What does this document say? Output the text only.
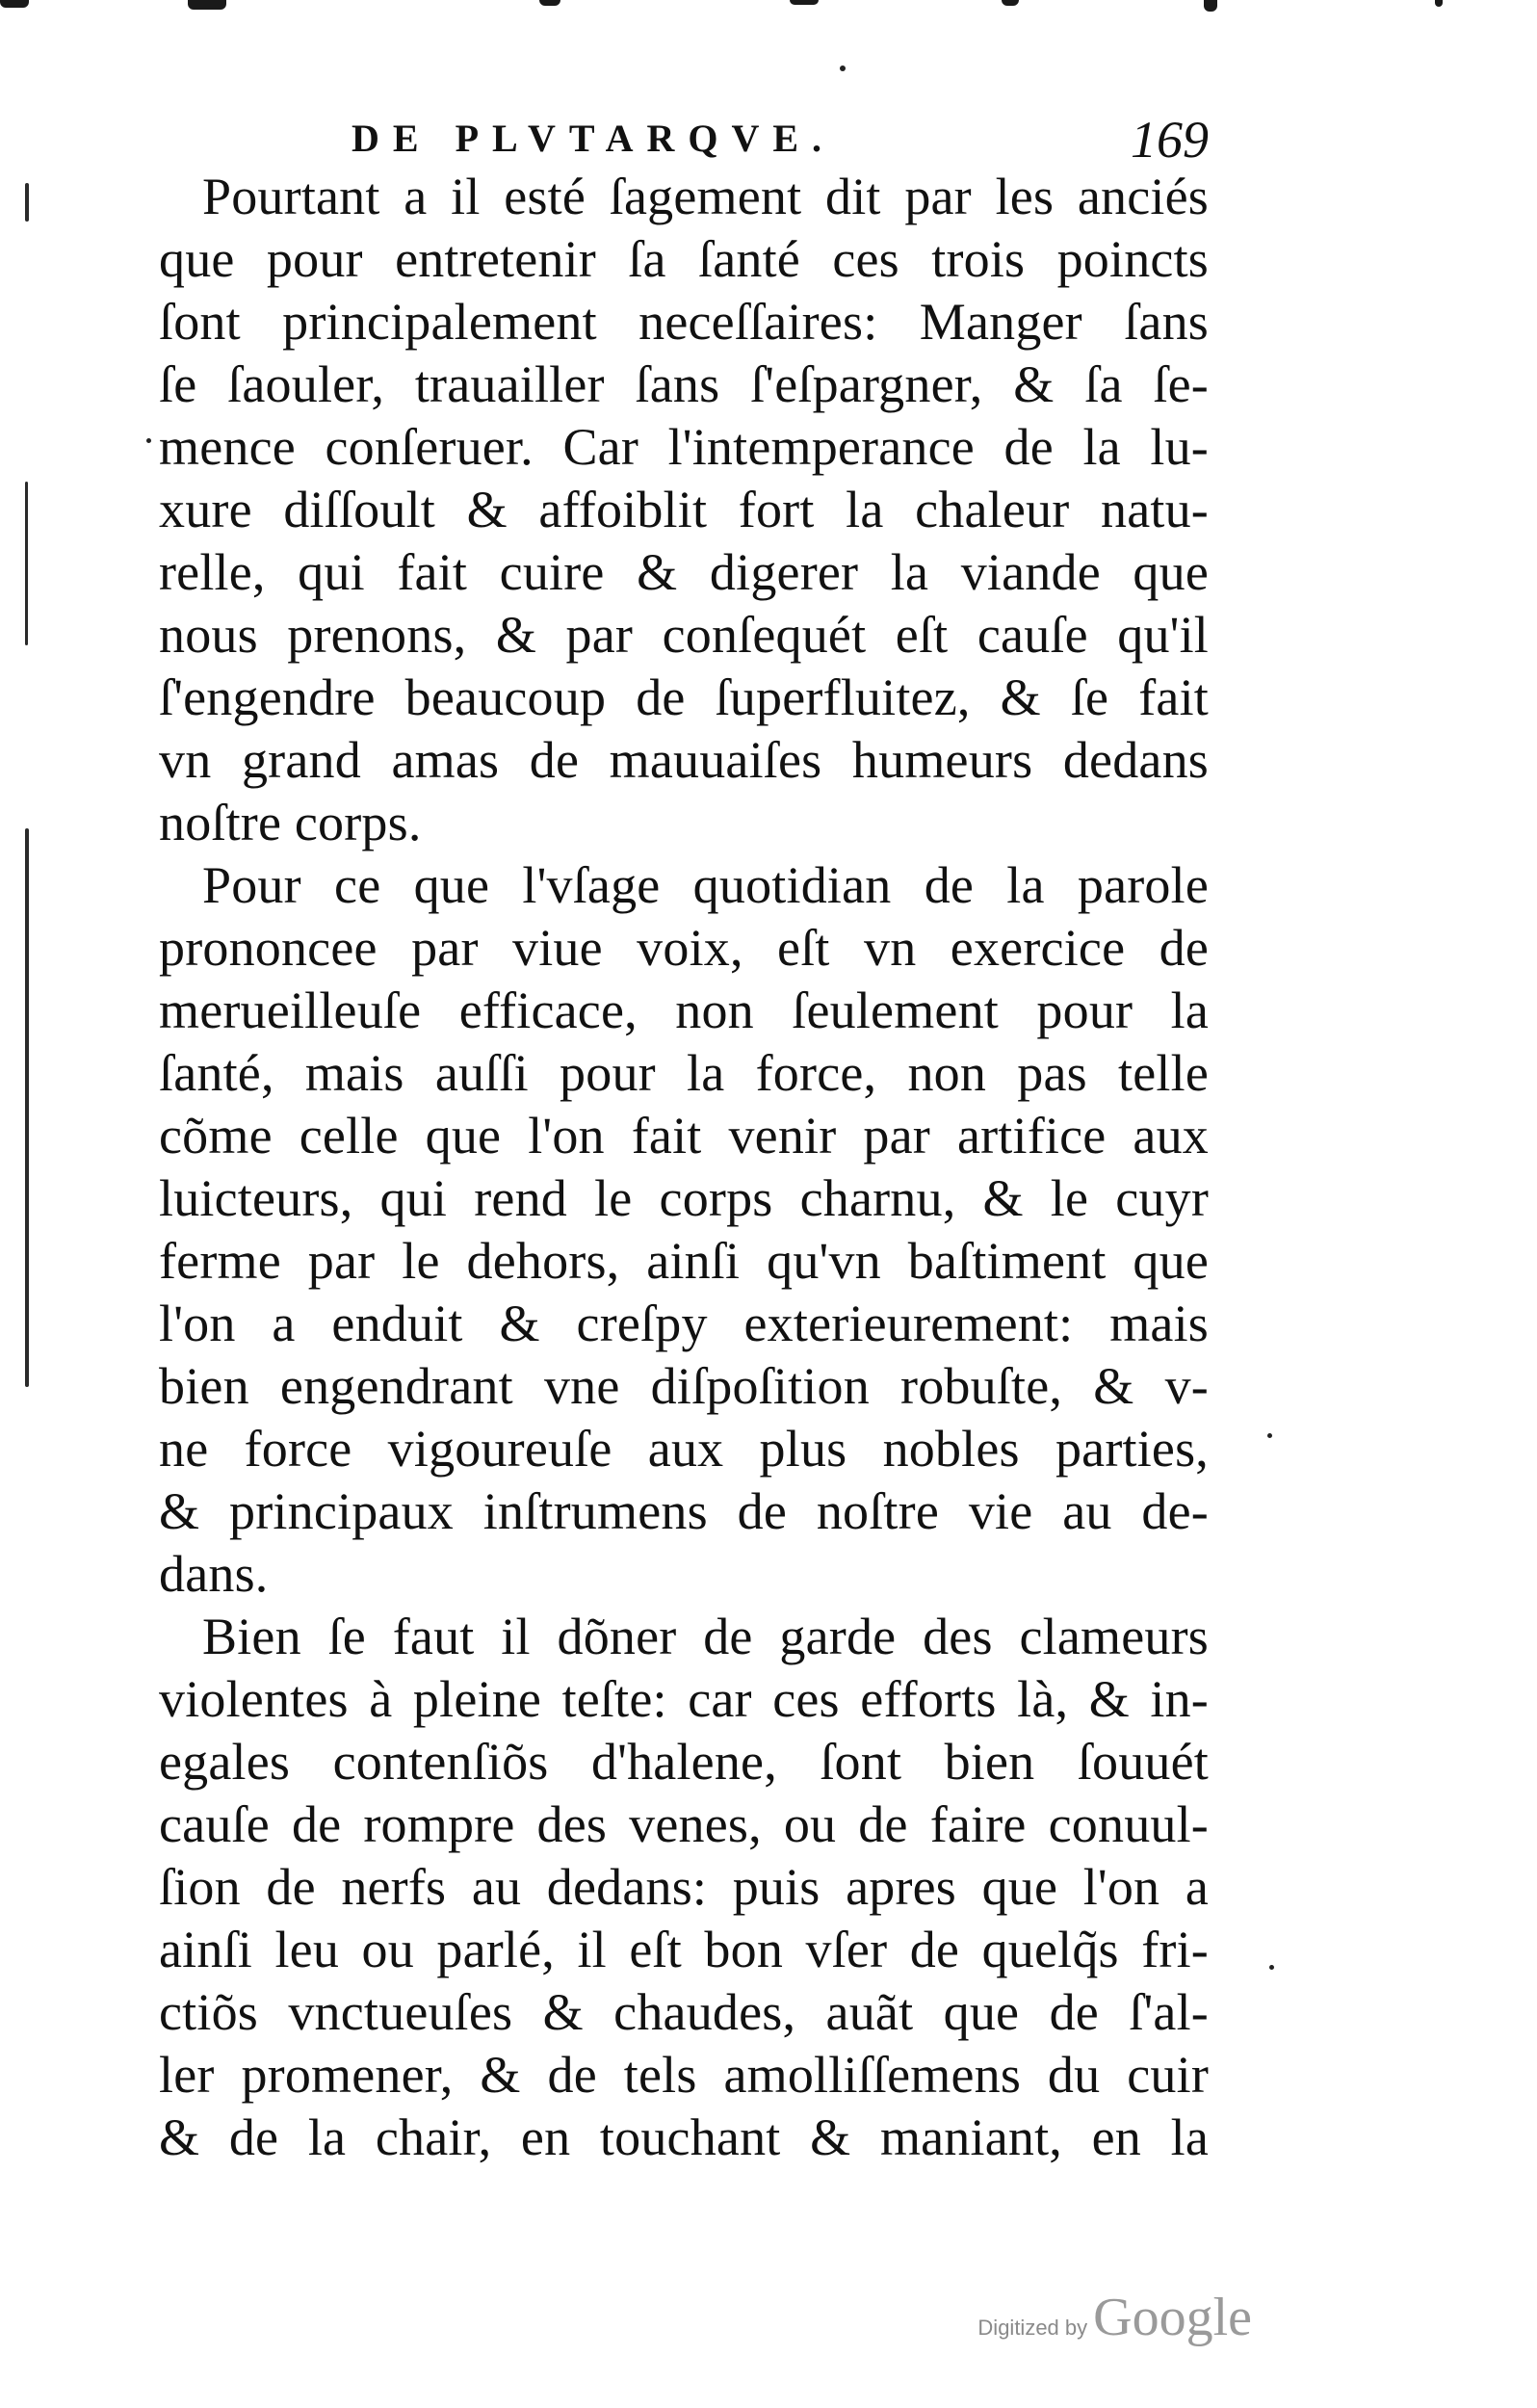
DE PLVTARQVE.	169
Pourtant a il esté ſagement dit par les anciés
que pour entretenir ſa ſanté ces trois poincts
ſont principalement neceſſaires: Manger ſans
ſe ſaouler, trauailler ſans ſ'eſpargner, & ſa ſe-
mence conſeruer. Car l'intemperance de la lu-
xure diſſoult & affoiblit fort la chaleur natu-
relle, qui fait cuire & digerer la viande que
nous prenons, & par conſequét eſt cauſe qu'il
ſ'engendre beaucoup de ſuperfluitez, & ſe fait
vn grand amas de mauuaiſes humeurs dedans
noſtre corps.
Pour ce que l'vſage quotidian de la parole
prononcee par viue voix, eſt vn exercice de
merueilleuſe efficace, non ſeulement pour la
ſanté, mais auſſi pour la force, non pas telle
cõme celle que l'on fait venir par artifice aux
luicteurs, qui rend le corps charnu, & le cuyr
ferme par le dehors, ainſi qu'vn baſtiment que
l'on a enduit & creſpy exterieurement: mais
bien engendrant vne diſpoſition robuſte, & v-
ne force vigoureuſe aux plus nobles parties,
& principaux inſtrumens de noſtre vie au de-
dans.
Bien ſe faut il dõner de garde des clameurs
violentes à pleine teſte: car ces efforts là, & in-
egales contenſiõs d'halene, ſont bien ſouuét
cauſe de rompre des venes, ou de faire conuul-
ſion de nerfs au dedans: puis apres que l'on a
ainſi leu ou parlé, il eſt bon vſer de quelq̃s fri-
ctiõs vnctueuſes & chaudes, auãt que de ſ'al-
ler promener, & de tels amolliſſemens du cuir
& de la chair, en touchant & maniant, en la
Digitized by Google
